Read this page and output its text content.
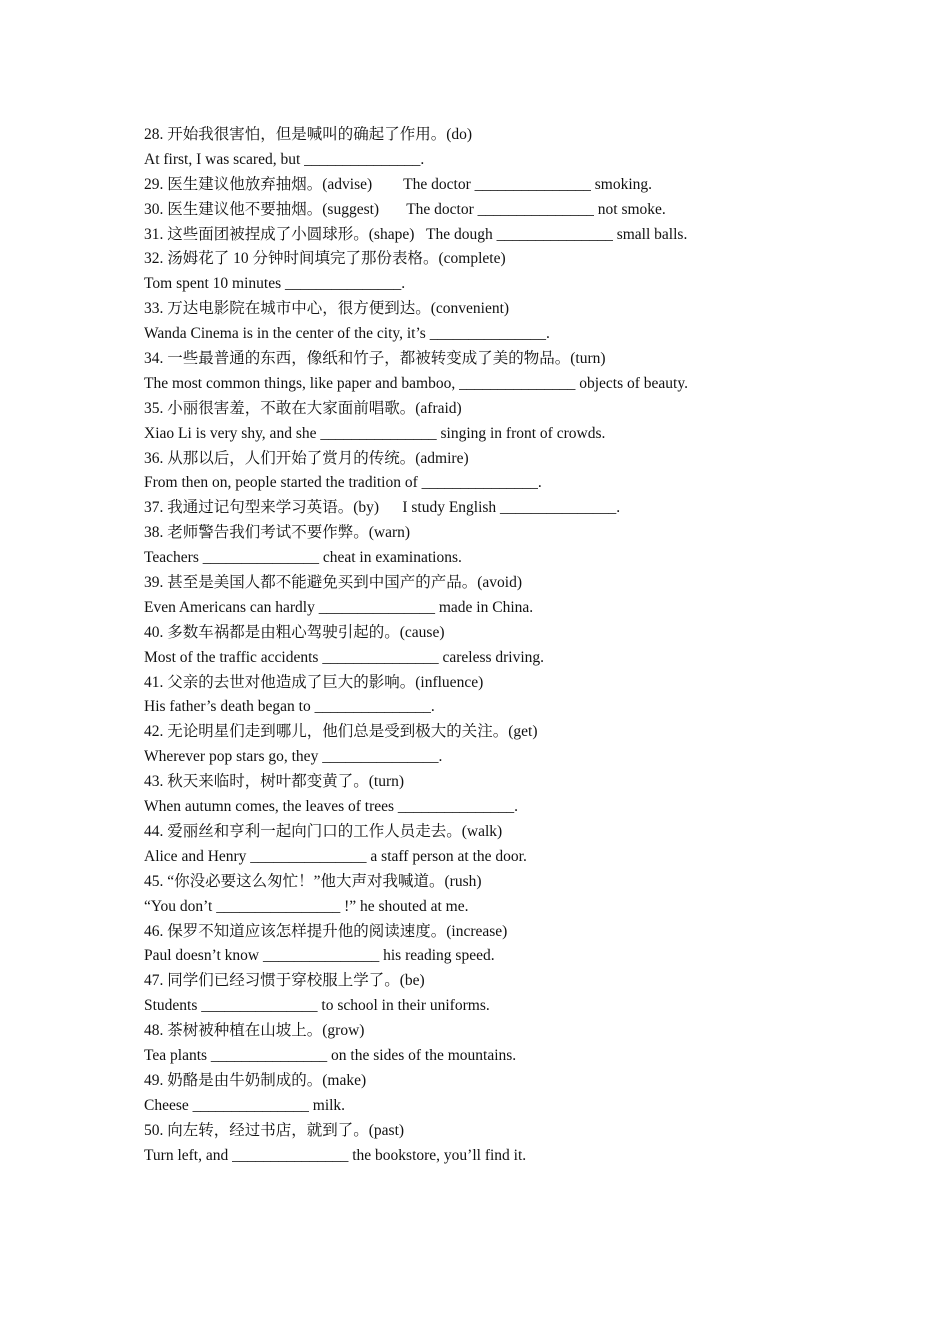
28. 开始我很害怕，但是喊叫的确起了作用。(do)
At first, I was scared, but _______________.
29. 医生建议他放弃抽烟。(advise)        The doctor _______________ smoking.
30. 医生建议他不要抽烟。(suggest)       The doctor _______________ not smoke.
31. 这些面团被捏成了小圆球形。(shape)   The dough _______________ small balls.
32. 汤姆花了 10 分钟时间填完了那份表格。(complete)
Tom spent 10 minutes _______________.
33. 万达电影院在城市中心，很方便到达。(convenient)
Wanda Cinema is in the center of the city, it’s _______________.
34. 一些最普通的东西，像纸和竹子，都被转变成了美的物品。(turn)
The most common things, like paper and bamboo, _______________ objects of beauty.
35. 小丽很害羞，不敢在大家面前唱歌。(afraid)
Xiao Li is very shy, and she _______________ singing in front of crowds.
36. 从那以后，人们开始了赏月的传统。(admire)
From then on, people started the tradition of _______________.
37. 我通过记句型来学习英语。(by)      I study English _______________.
38. 老师警告我们考试不要作弊。(warn)
Teachers _______________ cheat in examinations.
39. 甚至是美国人都不能避免买到中国产的产品。(avoid)
Even Americans can hardly _______________ made in China.
40. 多数车祸都是由粗心驾驶引起的。(cause)
Most of the traffic accidents _______________ careless driving.
41. 父亲的去世对他造成了巨大的影响。(influence)
His father’s death began to _______________.
42. 无论明星们走到哪儿，他们总是受到极大的关注。(get)
Wherever pop stars go, they _______________.
43. 秋天来临时，树叶都变黄了。(turn)
When autumn comes, the leaves of trees _______________.
44. 爱丽丝和亨利一起向门口的工作人员走去。(walk)
Alice and Henry _______________ a staff person at the door.
45. “你没必要这么匆忙！”他大声对我喊道。(rush)
“You don’t ________________ !” he shouted at me.
46. 保罗不知道应该怎样提升他的阅读速度。(increase)
Paul doesn’t know _______________ his reading speed.
47. 同学们已经习惯于穿校服上学了。(be)
Students _______________ to school in their uniforms.
48. 茶树被种植在山坡上。(grow)
Tea plants _______________ on the sides of the mountains.
49. 奶酪是由牛奶制成的。(make)
Cheese _______________ milk.
50. 向左转，经过书店，就到了。(past)
Turn left, and _______________ the bookstore, you’ll find it.
